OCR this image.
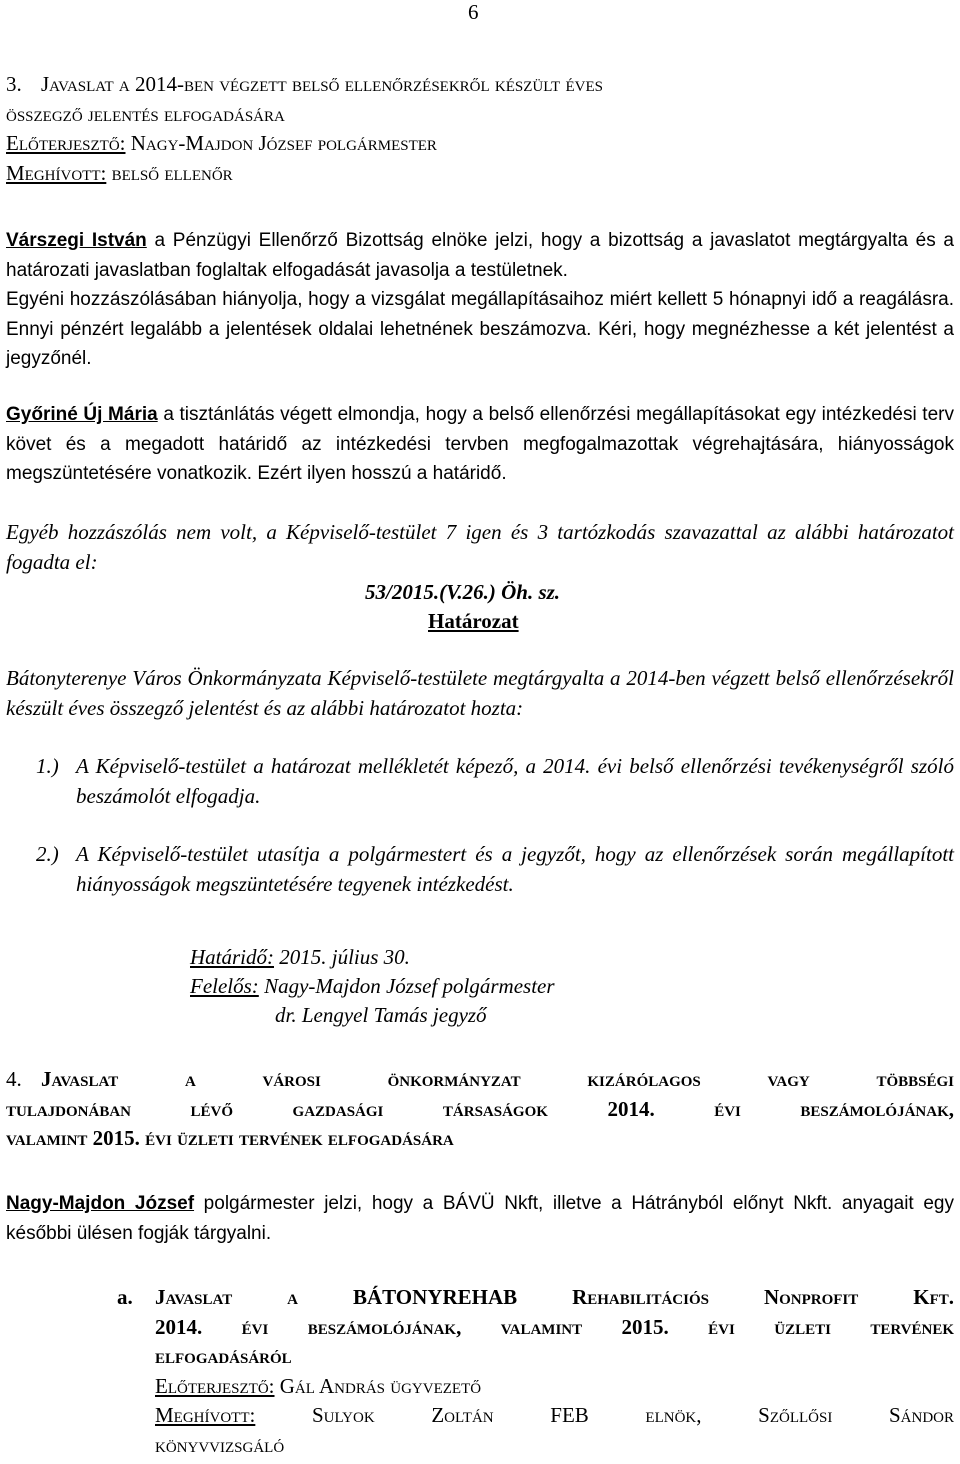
6
3. Javaslat a 2014-ben végzett belső ellenőrzésekről készült éves
összegző jelentés elfogadására
Előterjesztő: Nagy-Majdon József polgármester
Meghívott: belső ellenőr
Várszegi István a Pénzügyi Ellenőrző Bizottság elnöke jelzi, hogy a bizottság a javaslatot megtárgyalta és a határozati javaslatban foglaltak elfogadását javasolja a testületnek.
Egyéni hozzászólásában hiányolja, hogy a vizsgálat megállapításaihoz miért kellett 5 hónapnyi idő a reagálásra. Ennyi pénzért legalább a jelentések oldalai lehetnének beszámozva. Kéri, hogy megnézhesse a két jelentést a jegyzőnél.
Győriné Új Mária a tisztánlátás végett elmondja, hogy a belső ellenőrzési megállapításokat egy intézkedési terv követ és a megadott határidő az intézkedési tervben megfogalmazottak végrehajtására, hiányosságok megszüntetésére vonatkozik. Ezért ilyen hosszú a határidő.
Egyéb hozzászólás nem volt, a Képviselő-testület 7 igen és 3 tartózkodás szavazattal az alábbi határozatot fogadta el:
53/2015.(V.26.) Öh. sz.
Határozat
Bátonyterenye Város Önkormányzata Képviselő-testülete megtárgyalta a 2014-ben végzett belső ellenőrzésekről készült éves összegző jelentést és az alábbi határozatot hozta:
1.) A Képviselő-testület a határozat mellékletét képező, a 2014. évi belső ellenőrzési tevékenységről szóló beszámolót elfogadja.
2.) A Képviselő-testület utasítja a polgármestert és a jegyzőt, hogy az ellenőrzések során megállapított hiányosságok megszüntetésére tegyenek intézkedést.
Határidő: 2015. július 30.
Felelős: Nagy-Majdon József polgármester
dr. Lengyel Tamás jegyző
4. Javaslat a városi önkormányzat kizárólagos vagy többségi
tulajdonában lévő gazdasági társaságok 2014. évi beszámolójának,
valamint 2015. évi üzleti tervének elfogadására
Nagy-Majdon József polgármester jelzi, hogy a BÁVÜ Nkft, illetve a Hátrányból előnyt Nkft. anyagait egy későbbi ülésen fogják tárgyalni.
a. Javaslat a BÁTONYREHAB Rehabilitációs Nonprofit Kft.
2014. évi beszámolójának, valamint 2015. évi üzleti tervének
elfogadásáról
Előterjesztő: Gál András ügyvezető
Meghívott:	Sulyok Zoltán FEB elnök, Szőllősi Sándor
könyvvizsgáló
